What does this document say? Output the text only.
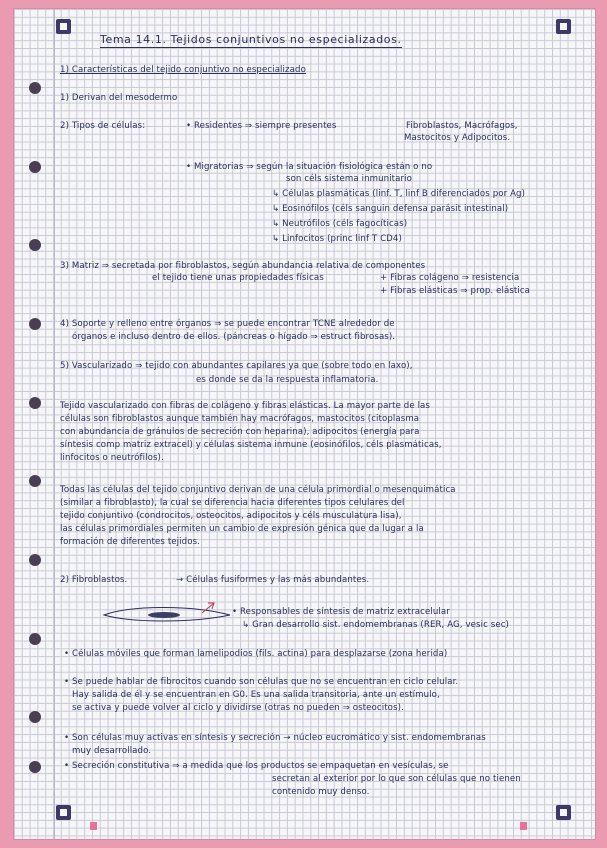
Tema 14.1. Tejidos conjuntivos no especializados.
1) Características del tejido conjuntivo no especializado
1) Derivan del mesodermo
2) Tipos de células:	• Residentes ⇒ siempre presentes	Fibroblastos, Macrófagos,
Mastocitos y Adipocitos.
• Migratorias ⇒ según la situación fisiológica están o no
son céls sistema inmunitario
↳ Células plasmáticas (linf. T, linf B diferenciados por Ag)
↳ Eosinófilos (céls sanguin defensa parásit intestinal)
↳ Neutrófilos (céls fagocíticas)
↳ Linfocitos (princ linf T CD4)
3) Matriz ⇒ secretada por fibroblastos, según abundancia relativa de componentes
el tejido tiene unas propiedades físicas	+ Fibras colágeno ⇒ resistencia
+ Fibras elásticas ⇒ prop. elástica
4) Soporte y relleno entre órganos ⇒ se puede encontrar TCNE alrededor de
órganos e incluso dentro de ellos. (páncreas o hígado ⇒ estruct fibrosas).
5) Vascularizado ⇒ tejido con abundantes capilares ya que (sobre todo en laxo),
es donde se da la respuesta inflamatoria.
Tejido vascularizado con fibras de colágeno y fibras elásticas. La mayor parte de las
células son fibroblastos aunque también hay macrófagos, mastocitos (citoplasma
con abundancia de gránulos de secreción con heparina), adipocitos (energía para
síntesis comp matriz extracel) y células sistema inmune (eosinófilos, céls plasmáticas,
linfocitos o neutrófilos).
Todas las células del tejido conjuntivo derivan de una célula primordial o mesenquimática
(similar a fibroblasto), la cual se diferencia hacia diferentes tipos celulares del
tejido conjuntivo (condrocitos, osteocitos, adipocitos y céls musculatura lisa),
las células primordiales permiten un cambio de expresión génica que da lugar a la
formación de diferentes tejidos.
2) Fibroblastos.	→ Células fusiformes y las más abundantes.
• Responsables de síntesis de matriz extracelular
↳ Gran desarrollo sist. endomembranas (RER, AG, vesic sec)
• Células móviles que forman lamelipodios (fils. actina) para desplazarse (zona herida)
• Se puede hablar de fibrocitos cuando son células que no se encuentran en ciclo celular.
Hay salida de él y se encuentran en G0. Es una salida transitoria, ante un estímulo,
se activa y puede volver al ciclo y dividirse (otras no pueden ⇒ osteocitos).
• Son células muy activas en síntesis y secreción → núcleo eucromático y sist. endomembranas
muy desarrollado.
• Secreción constitutiva ⇒ a medida que los productos se empaquetan en vesículas, se
secretan al exterior por lo que son células que no tienen
contenido muy denso.
